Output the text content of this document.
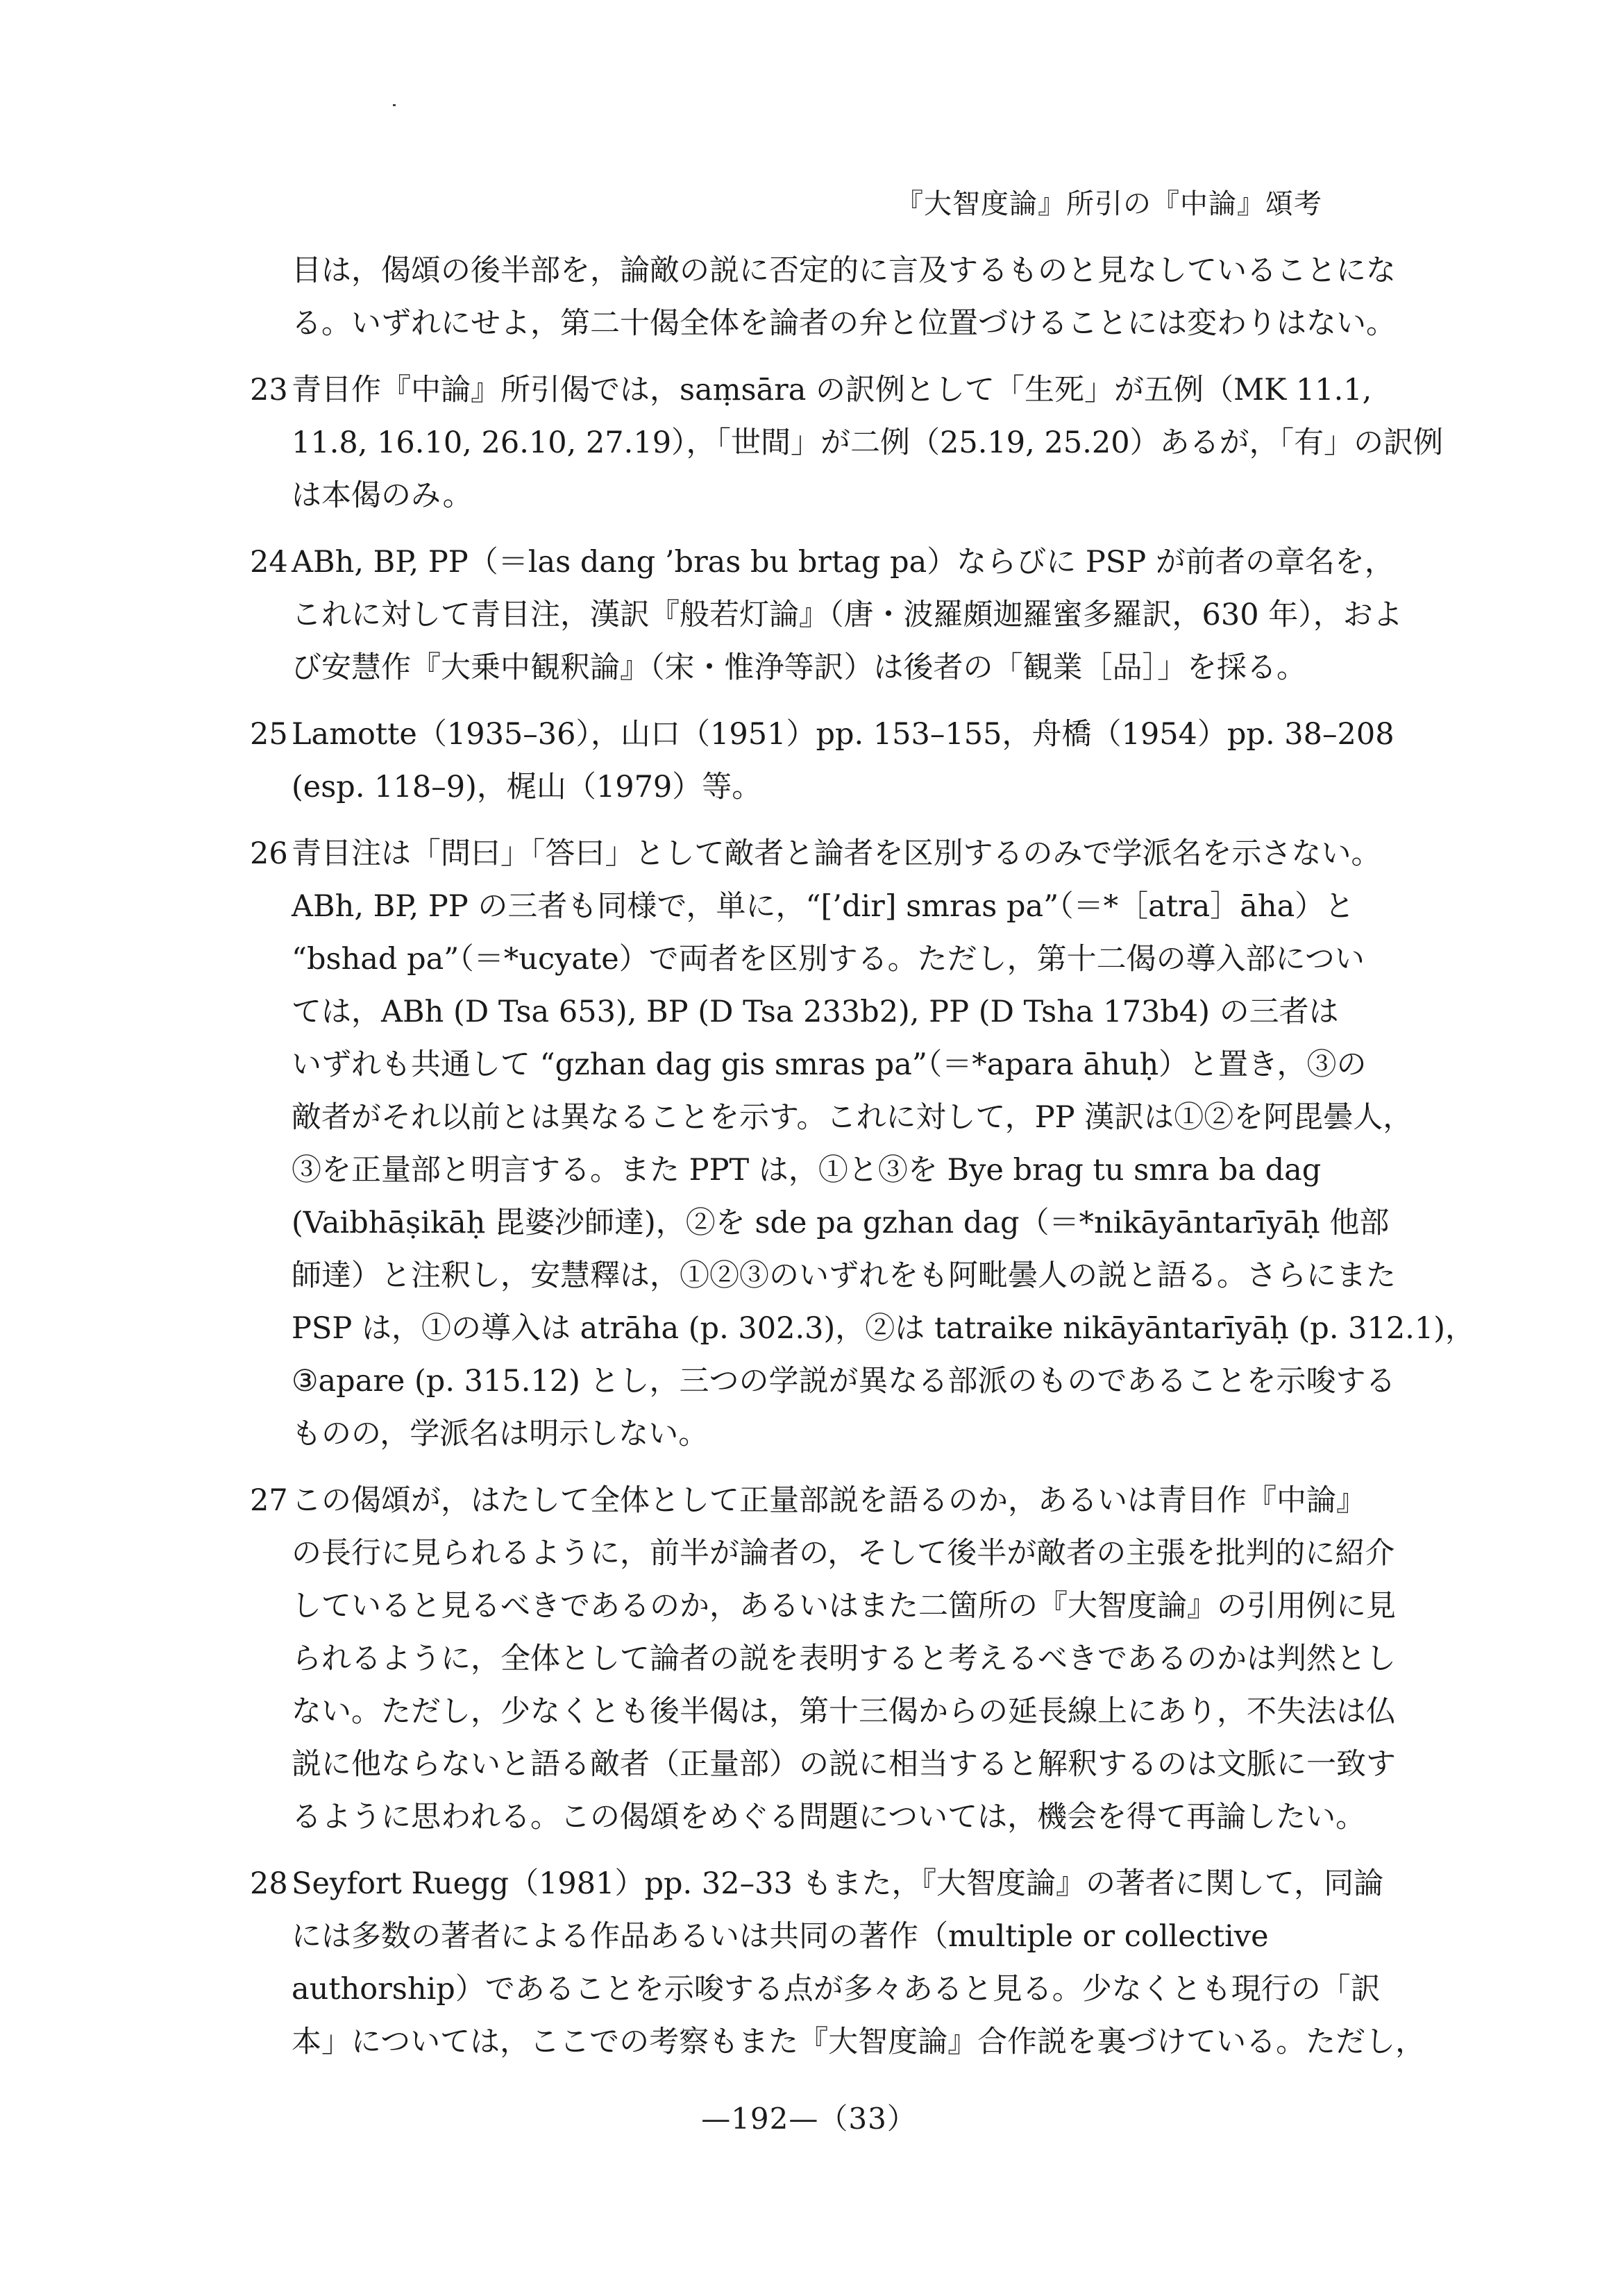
『大智度論』所引の『中論』頌考
目は，偈頌の後半部を，論敵の説に否定的に言及するものと見なしていることにな
る。いずれにせよ，第二十偈全体を論者の弁と位置づけることには変わりはない。
23 青目作『中論』所引偈では，saṃsāra の訳例として「生死」が五例（MK 11.1,
11.8, 16.10, 26.10, 27.19），「世間」が二例（25.19, 25.20）あるが，「有」の訳例
は本偈のみ。
24 ABh, BP, PP（＝las dang ’bras bu brtag pa）ならびに PSP が前者の章名を，
これに対して青目注，漢訳『般若灯論』（唐・波羅頗迦羅蜜多羅訳，630 年），およ
び安慧作『大乗中観釈論』（宋・惟浄等訳）は後者の「観業［品］」を採る。
25 Lamotte（1935–36），山口（1951）pp. 153–155，舟橋（1954）pp. 38–208
(esp. 118–9)，梶山（1979）等。
26 青目注は「問曰」「答曰」として敵者と論者を区別するのみで学派名を示さない。
ABh, BP, PP の三者も同様で，単に，“[’dir] smras pa”（＝*［atra］āha）と
“bshad pa”（＝*ucyate）で両者を区別する。ただし，第十二偈の導入部につい
ては，ABh (D Tsa 653), BP (D Tsa 233b2), PP (D Tsha 173b4) の三者は
いずれも共通して “gzhan dag gis smras pa”（＝*apara āhuḥ）と置き，③の
敵者がそれ以前とは異なることを示す。これに対して，PP 漢訳は①②を阿毘曇人，
③を正量部と明言する。また PPT は，①と③を Bye brag tu smra ba dag
(Vaibhāṣikāḥ 毘婆沙師達)，②を sde pa gzhan dag（＝*nikāyāntarīyāḥ 他部
師達）と注釈し，安慧釋は，①②③のいずれをも阿毗曇人の説と語る。さらにまた
PSP は，①の導入は atrāha (p. 302.3)，②は tatraike nikāyāntarīyāḥ (p. 312.1)，
③apare (p. 315.12) とし，三つの学説が異なる部派のものであることを示唆する
ものの，学派名は明示しない。
27 この偈頌が，はたして全体として正量部説を語るのか，あるいは青目作『中論』
の長行に見られるように，前半が論者の，そして後半が敵者の主張を批判的に紹介
していると見るべきであるのか，あるいはまた二箇所の『大智度論』の引用例に見
られるように，全体として論者の説を表明すると考えるべきであるのかは判然とし
ない。ただし，少なくとも後半偈は，第十三偈からの延長線上にあり，不失法は仏
説に他ならないと語る敵者（正量部）の説に相当すると解釈するのは文脈に一致す
るように思われる。この偈頌をめぐる問題については，機会を得て再論したい。
28 Seyfort Ruegg（1981）pp. 32–33 もまた，『大智度論』の著者に関して，同論
には多数の著者による作品あるいは共同の著作（multiple or collective
authorship）であることを示唆する点が多々あると見る。少なくとも現行の「訳
本」については，ここでの考察もまた『大智度論』合作説を裏づけている。ただし，
—192—（33）
